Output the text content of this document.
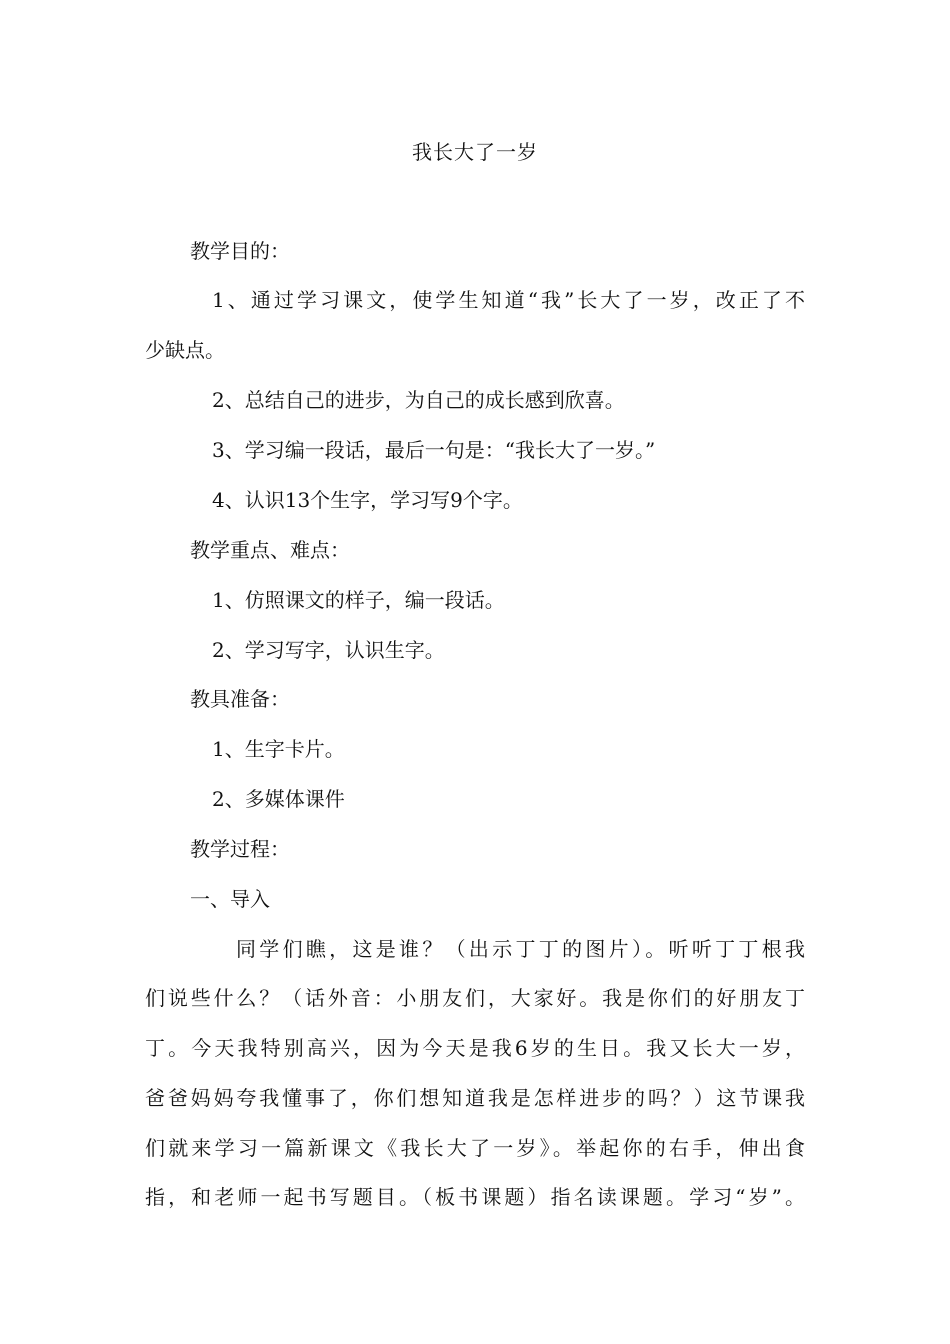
我长大了一岁
教学目的：
1、通过学习课文，使学生知道“我”长大了一岁，改正了不
少缺点。
2、总结自己的进步，为自己的成长感到欣喜。
3、学习编一段话，最后一句是：“我长大了一岁。”
4、认识13个生字，学习写9个字。
教学重点、难点：
1、仿照课文的样子，编一段话。
2、学习写字，认识生字。
教具准备：
1、生字卡片。
2、多媒体课件
教学过程：
一、导入
同学们瞧，这是谁？（出示丁丁的图片）。听听丁丁根我
们说些什么？（话外音：小朋友们，大家好。我是你们的好朋友丁
丁。今天我特别高兴，因为今天是我6岁的生日。我又长大一岁，
爸爸妈妈夸我懂事了，你们想知道我是怎样进步的吗？）这节课我
们就来学习一篇新课文《我长大了一岁》。举起你的右手，伸出食
指，和老师一起书写题目。（板书课题）指名读课题。学习“岁”。
